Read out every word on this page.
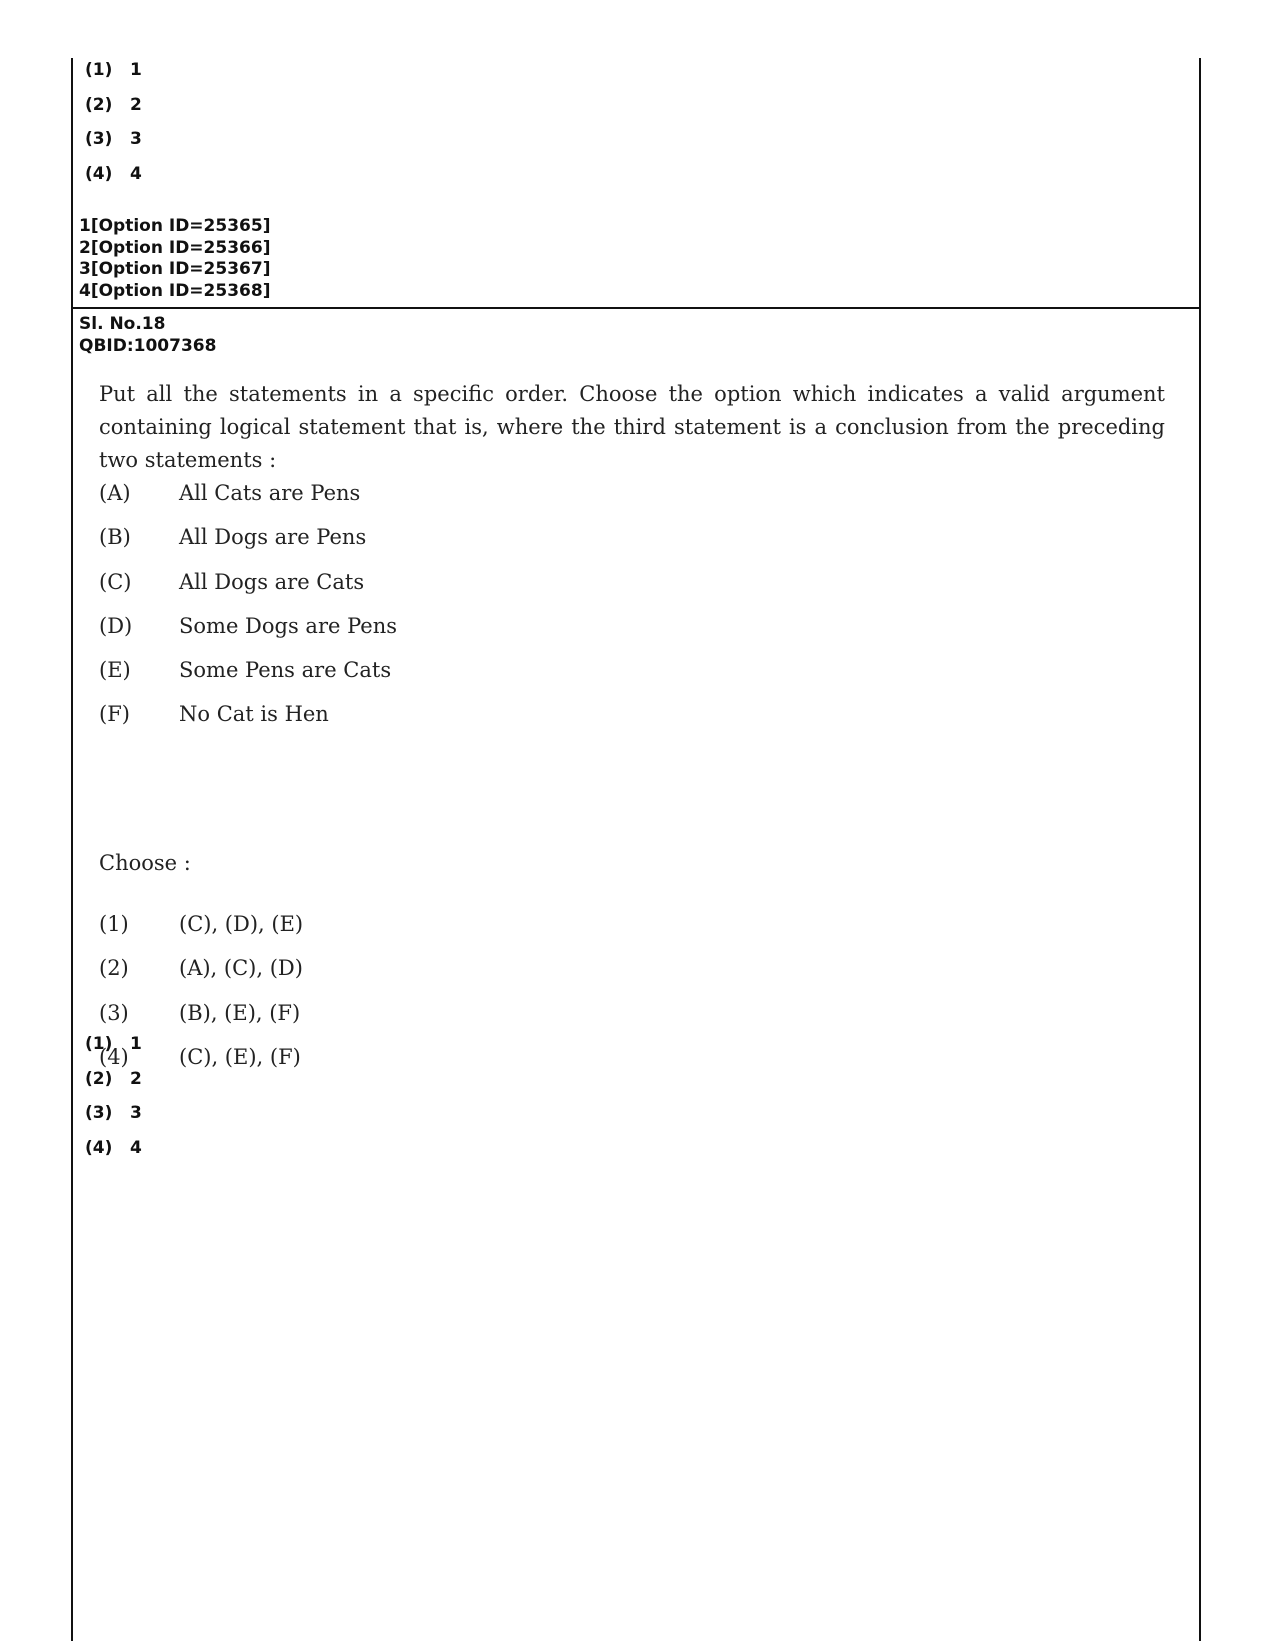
(1) 1
(2) 2
(3) 3
(4) 4
1[Option ID=25365]
2[Option ID=25366]
3[Option ID=25367]
4[Option ID=25368]
Sl. No.18
QBID:1007368

Put all the statements in a specific order. Choose the option which indicates a valid argument containing logical statement that is, where the third statement is a conclusion from the preceding two statements :

(A) All Cats are Pens
(B) All Dogs are Pens
(C) All Dogs are Cats
(D) Some Dogs are Pens
(E) Some Pens are Cats
(F) No Cat is Hen
Choose :
(1) (C), (D), (E)
(2) (A), (C), (D)
(3) (B), (E), (F)
(4) (C), (E), (F)
(1) 1
(2) 2
(3) 3
(4) 4
